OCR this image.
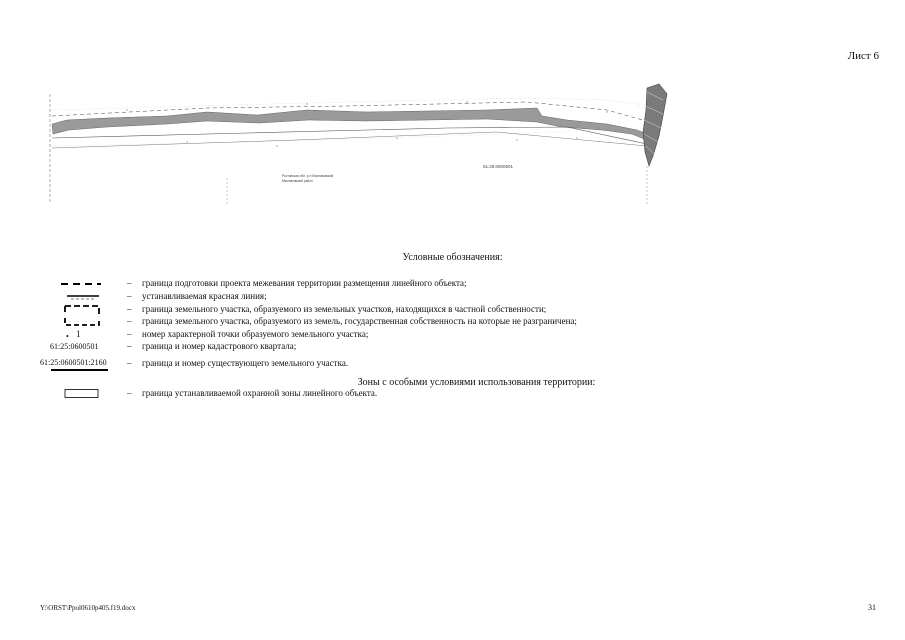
Лист 6
61:25:0600501
Ростовская обл. р-н Мясниковский
Мясниковский район
Условные обозначения:
– граница подготовки проекта межевания территории размещения линейного объекта;
– устанавливаемая красная линия;
– граница земельного участка, образуемого из земельных участков, находящихся в частной собственности;
– граница земельного участка, образуемого из земель, государственная собственность на которые не разграничена;
• 1	– номер характерной точки образуемого земельного участка;
61:25:0600501	– граница и номер кадастрового квартала;
61:25:0600501:2160 – граница и номер существующего земельного участка.
Зоны с особыми условиями использования территории:
– граница устанавливаемой охранной зоны линейного объекта.
Y:\ORST\Ppol0610p405.f19.docx	31
